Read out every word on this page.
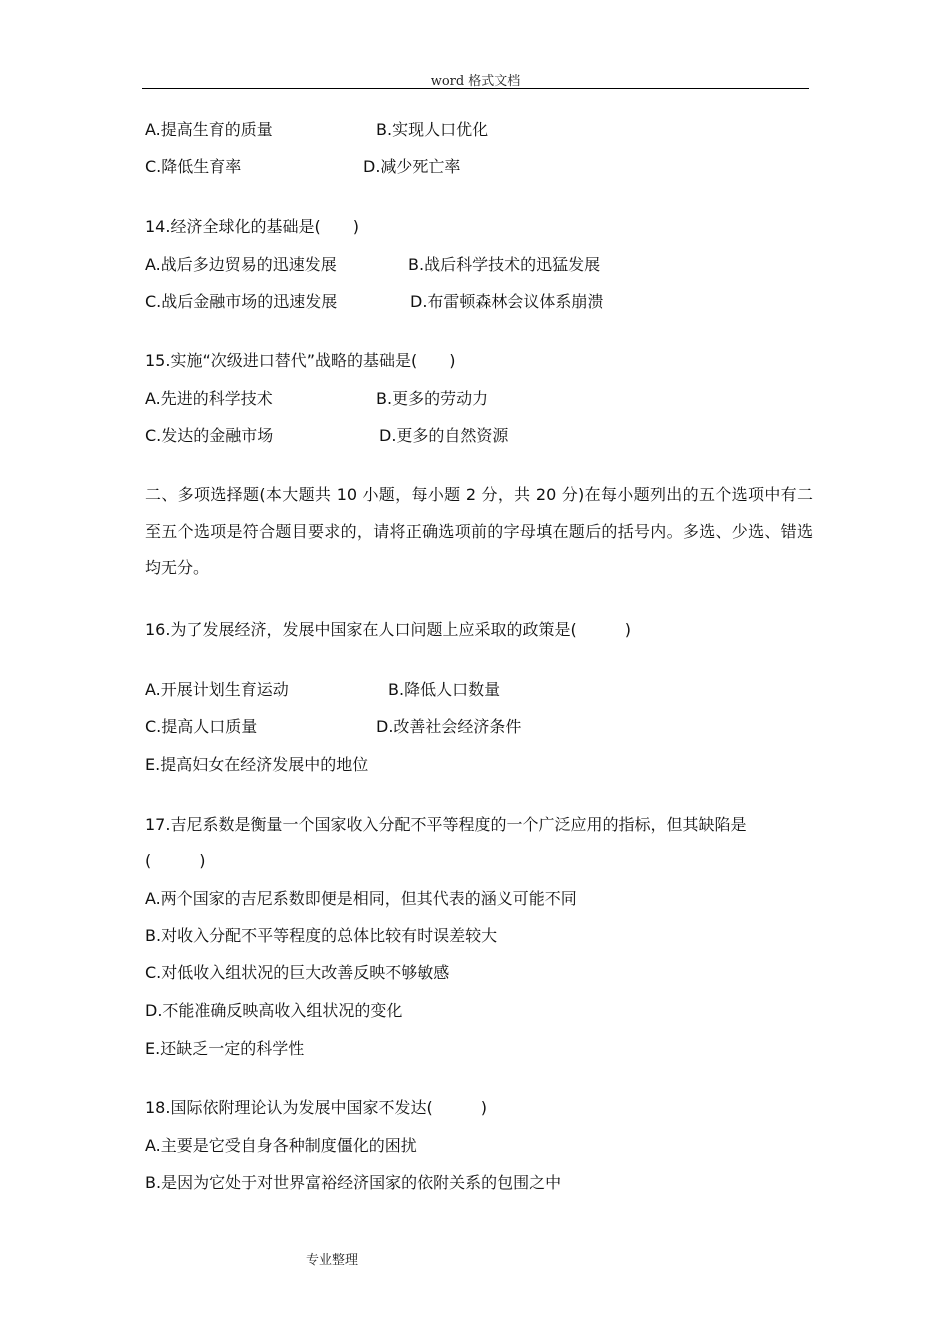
word 格式文档
A.提高生育的质量	B.实现人口优化
C.降低生育率	D.减少死亡率
14.经济全球化的基础是(　　)
A.战后多边贸易的迅速发展	B.战后科学技术的迅猛发展
C.战后金融市场的迅速发展	D.布雷顿森林会议体系崩溃
15.实施“次级进口替代”战略的基础是(　　)
A.先进的科学技术	B.更多的劳动力
C.发达的金融市场	D.更多的自然资源
二、多项选择题(本大题共 10 小题，每小题 2 分，共 20 分)在每小题列出的五个选项中有二至五个选项是符合题目要求的，请将正确选项前的字母填在题后的括号内。多选、少选、错选均无分。
16.为了发展经济，发展中国家在人口问题上应采取的政策是(　　　)
A.开展计划生育运动	B.降低人口数量
C.提高人口质量	D.改善社会经济条件
E.提高妇女在经济发展中的地位
17.吉尼系数是衡量一个国家收入分配不平等程度的一个广泛应用的指标，但其缺陷是
(　　　)
A.两个国家的吉尼系数即便是相同，但其代表的涵义可能不同
B.对收入分配不平等程度的总体比较有时误差较大
C.对低收入组状况的巨大改善反映不够敏感
D.不能准确反映高收入组状况的变化
E.还缺乏一定的科学性
18.国际依附理论认为发展中国家不发达(　　　)
A.主要是它受自身各种制度僵化的困扰
B.是因为它处于对世界富裕经济国家的依附关系的包围之中
专业整理
